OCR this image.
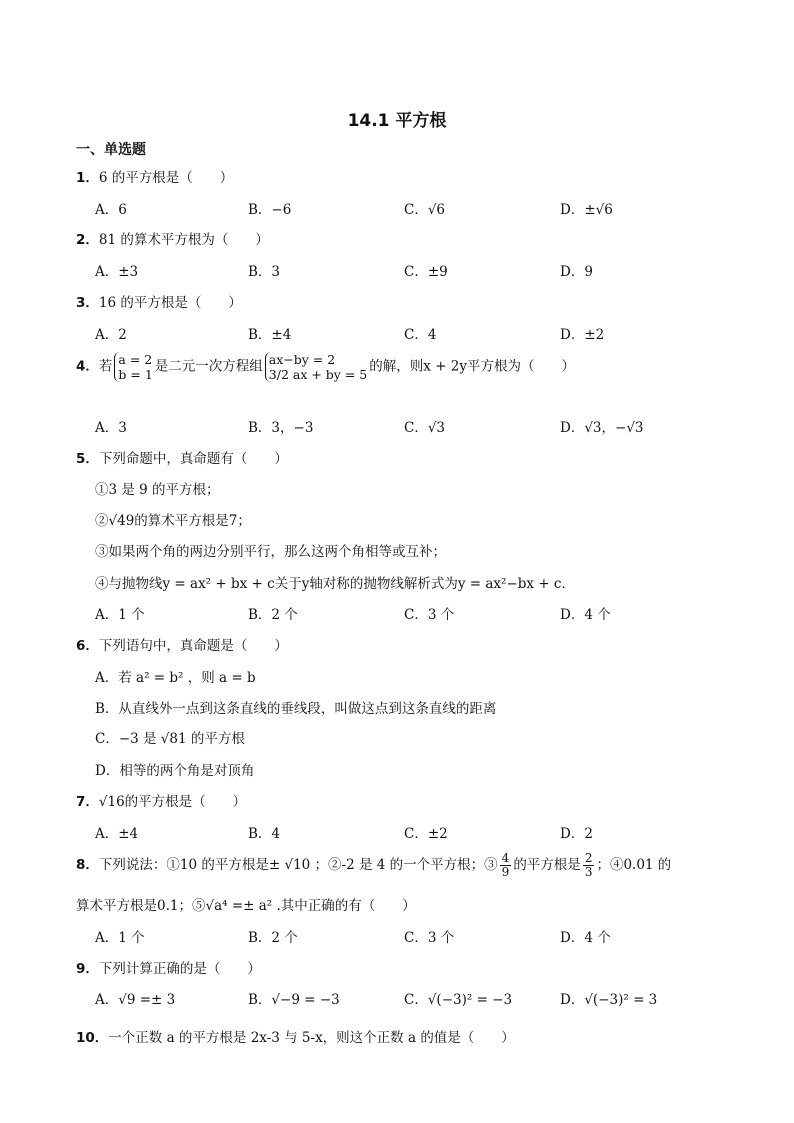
14.1 平方根
一、单选题
1．6 的平方根是（　　）
A．6	B．−6	C．√6	D．±√6
2．81 的算术平方根为（　　）
A．±3	B．3	C．±9	D．9
3．16 的平方根是（　　）
A．2	B．±4	C．4	D．±2
4．若 a = 2
b = 1 是二元一次方程组 ax−by = 2
3/2 ax + by = 5 的解，则x + 2y平方根为（　　）
A．3	B．3，−3	C．√3	D．√3，−√3
5．下列命题中，真命题有（　　）
①3 是 9 的平方根；
②√49的算术平方根是7；
③如果两个角的两边分别平行，那么这两个角相等或互补；
④与抛物线y = ax² + bx + c关于y轴对称的抛物线解析式为y = ax²−bx + c．
A．1 个	B．2 个	C．3 个	D．4 个
6．下列语句中，真命题是（　　）
A．若 a² = b² ，则 a = b
B．从直线外一点到这条直线的垂线段，叫做这点到这条直线的距离
C．−3 是 √81 的平方根
D．相等的两个角是对顶角
7．√16的平方根是（　　）
A．±4	B．4	C．±2	D．2
8．下列说法：①10 的平方根是± √10 ；②-2 是 4 的一个平方根；③ $\frac{4}{9}$ 的平方根是 $\frac{2}{3}$ ；④0.01 的
算术平方根是0.1；⑤√a⁴ =± a² .其中正确的有（　　）
A．1 个	B．2 个	C．3 个	D．4 个
9．下列计算正确的是（　　）
A．√9 =± 3	B．√−9 = −3	C．√(−3)² = −3	D．√(−3)² = 3
10．一个正数 a 的平方根是 2x-3 与 5-x，则这个正数 a 的值是（　　）
